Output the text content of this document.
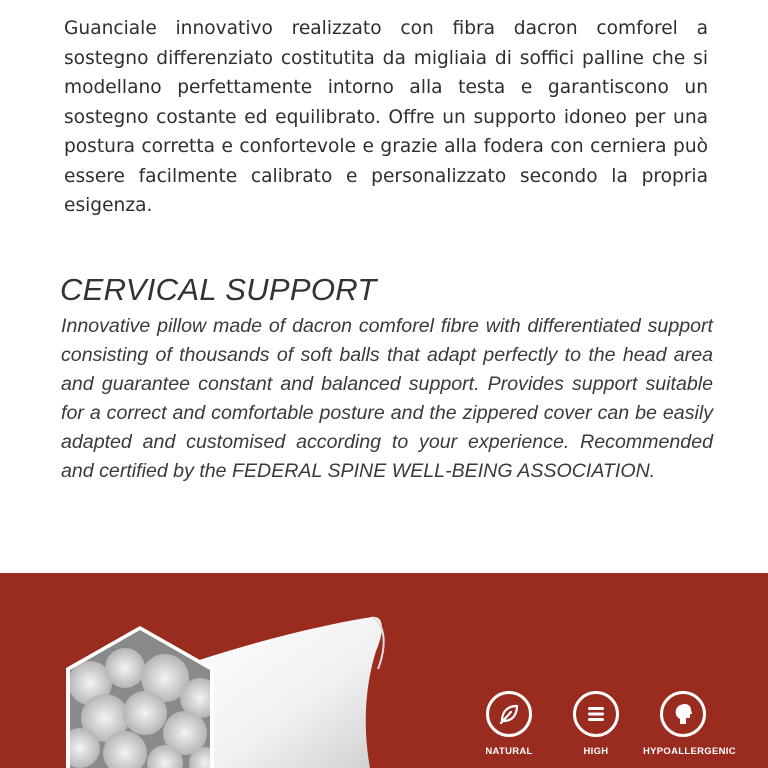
Guanciale innovativo realizzato con fibra dacron comforel a sostegno differenziato costitutita da migliaia di soffici palline che si modellano perfettamente intorno alla testa e garantiscono un sostegno costante ed equilibrato. Offre un supporto idoneo per una postura corretta e confortevole e grazie alla fodera con cerniera può essere facilmente calibrato e personalizzato secondo la propria esigenza.

CERVICAL SUPPORT

Innovative pillow made of dacron comforel fibre with differentiated support consisting of thousands of soft balls that adapt perfectly to the head area and guarantee constant and balanced support. Provides support suitable for a correct and comfortable posture and the zippered cover can be easily adapted and customised according to your experience. Recommended and certified by the FEDERAL SPINE WELL-BEING ASSOCIATION.

NATURAL	HIGH	HYPOALLERGENIC
